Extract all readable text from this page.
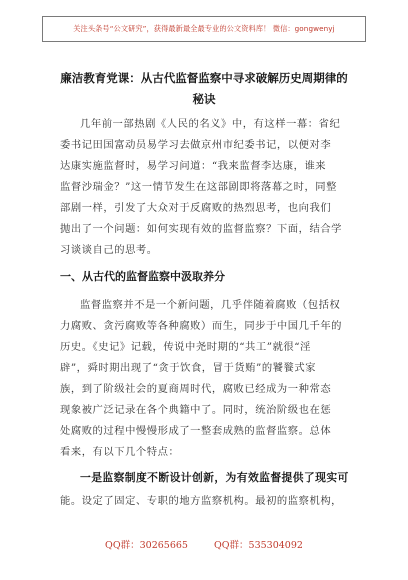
关注头条号“公文研究”，获得最新最全最专业的公文资料库！ 微信：gongwenyj
廉洁教育党课：从古代监督监察中寻求破解历史周期律的
秘诀
几年前一部热剧《人民的名义》中，有这样一幕：省纪
委书记田国富动员易学习去做京州市纪委书记，以便对李
达康实施监督时，易学习问道：“我来监督李达康，谁来
监督沙瑞金？”这一情节发生在这部剧即将落幕之时，同整
部剧一样，引发了大众对于反腐败的热烈思考，也向我们
抛出了一个问题：如何实现有效的监督监察？下面，结合学
习谈谈自己的思考。
一、从古代的监督监察中汲取养分
监督监察并不是一个新问题，几乎伴随着腐败（包括权
力腐败、贪污腐败等各种腐败）而生，同步于中国几千年的
历史。《史记》记载，传说中尧时期的“共工”就很“淫
辟”，舜时期出现了“贪于饮食，冒于货贿”的饕餮式家
族，到了阶级社会的夏商周时代，腐败已经成为一种常态
现象被广泛记录在各个典籍中了。同时，统治阶级也在惩
处腐败的过程中慢慢形成了一整套成熟的监督监察。总体
看来，有以下几个特点：
一是监察制度不断设计创新，为有效监督提供了现实可
能。设定了固定、专职的地方监察机构。最初的监察机构，
QQ群：30265665	QQ群：535304092
